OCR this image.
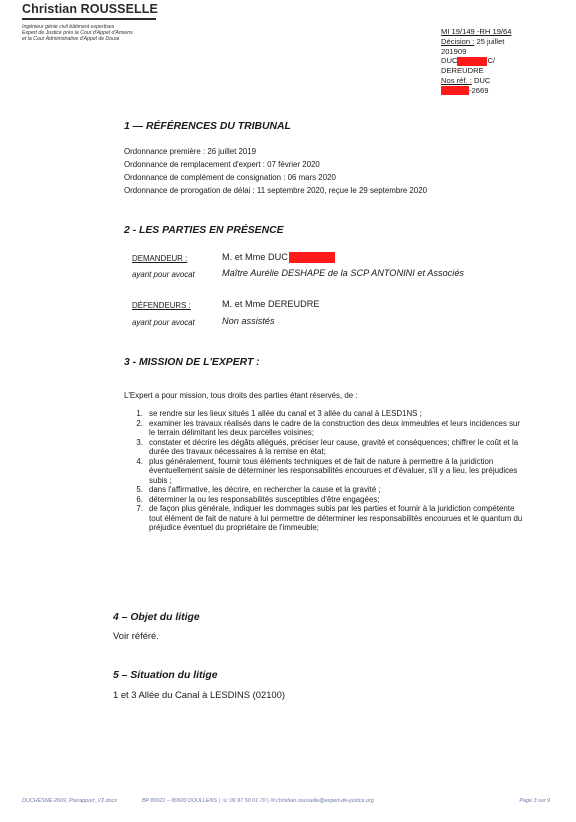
Christian ROUSSELLE
Ingénieur génie civil bâtiment expertises
Expert de Justice près la Cour d'Appel d'Amiens
et la Cour Administrative d'Appel de Douai
MI 19/149 -RH 19/64
Décision : 25 juillet 201909
DUC	C/ DEREUDRE
Nos réf. : DUC-2669
1 — RÉFÉRENCES DU TRIBUNAL
Ordonnance première : 26 juillet 2019
Ordonnance de remplacement d'expert : 07 février 2020
Ordonnance de complément de consignation : 06 mars 2020
Ordonnance de prorogation de délai : 11 septembre 2020, reçue le 29 septembre 2020
2 - LES PARTIES EN PRÉSENCE
DEMANDEUR :	M. et Mme DUC
ayant pour avocat	Maître Aurélie DESHAPE de la SCP ANTONINI et Associés
DÉFENDEURS :	M. et Mme DEREUDRE
ayant pour avocat	Non assistés
3 - MISSION DE L'EXPERT :
L'Expert a pour mission, tous droits des parties étant réservés, de :
1. se rendre sur les lieux situés 1 allée du canal et 3 allée du canal à LESD1NS ;
2. examiner les travaux réalisés dans le cadre de la construction des deux immeubles et leurs incidences sur le terrain délimitant les deux parcelles voisines;
3. constater et décrire les dégâts allégués, préciser leur cause, gravité et conséquences; chiffrer le coût et la durée des travaux nécessaires à la remise en état;
4. plus généralement, fournir tous éléments techniques et de fait de nature à permettre à la juridiction éventuellement saisie de déterminer les responsabilités encourues et d'évaluer, s'il y a lieu, les préjudices subis ;
5. dans l'affirmative, les décrire, en rechercher la cause et la gravité ;
6. déterminer la ou les responsabilités susceptibles d'être engagées;
7. de façon plus générale, indiquer les dommages subis par les parties et fournir à la juridiction compétente tout élément de fait de nature à lui permettre de déterminer les responsabilités encourues et le quantum du préjudice éventuel du propriétaire de l'immeuble;
4 – Objet du litige
Voir référé.
5 – Situation du litige
1 et 3 Allée du Canal à LESDINS (02100)
DUCHESNE-2669_Prerapport_V2.docx	BP 80021 – 80600 DOULLENS | ☏ 06 97 50 01 70 | ✉ christian.rousselle@expert-de-justice.org	Page 3 sur 9
